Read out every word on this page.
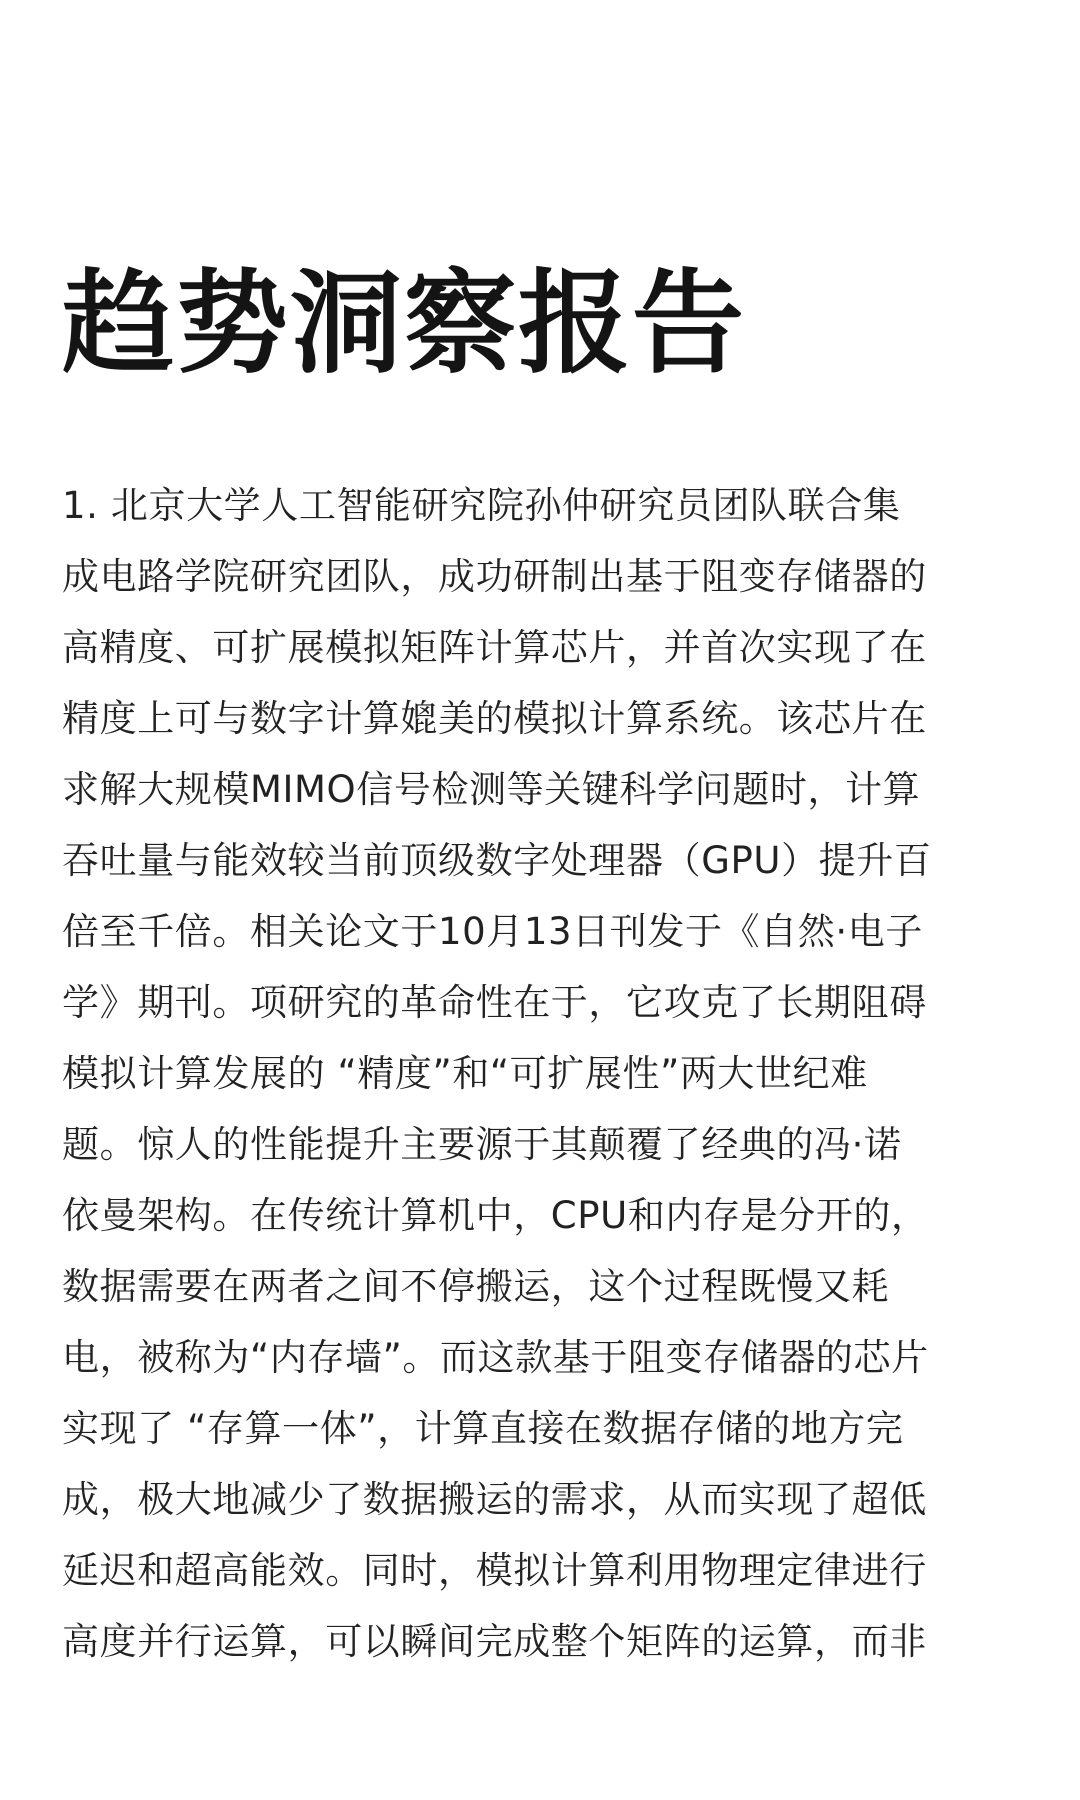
趋势洞察报告
1. 北京大学人工智能研究院孙仲研究员团队联合集
成电路学院研究团队，成功研制出基于阻变存储器的
高精度、可扩展模拟矩阵计算芯片，并首次实现了在
精度上可与数字计算媲美的模拟计算系统。该芯片在
求解大规模MIMO信号检测等关键科学问题时，计算
吞吐量与能效较当前顶级数字处理器（GPU）提升百
倍至千倍。相关论文于10月13日刊发于《自然·电子
学》期刊。项研究的革命性在于，它攻克了长期阻碍
模拟计算发展的 “精度”和“可扩展性”两大世纪难
题。惊人的性能提升主要源于其颠覆了经典的冯·诺
依曼架构。在传统计算机中，CPU和内存是分开的，
数据需要在两者之间不停搬运，这个过程既慢又耗
电，被称为“内存墙”。而这款基于阻变存储器的芯片
实现了 “存算一体”，计算直接在数据存储的地方完
成，极大地减少了数据搬运的需求，从而实现了超低
延迟和超高能效。同时，模拟计算利用物理定律进行
高度并行运算，可以瞬间完成整个矩阵的运算，而非
